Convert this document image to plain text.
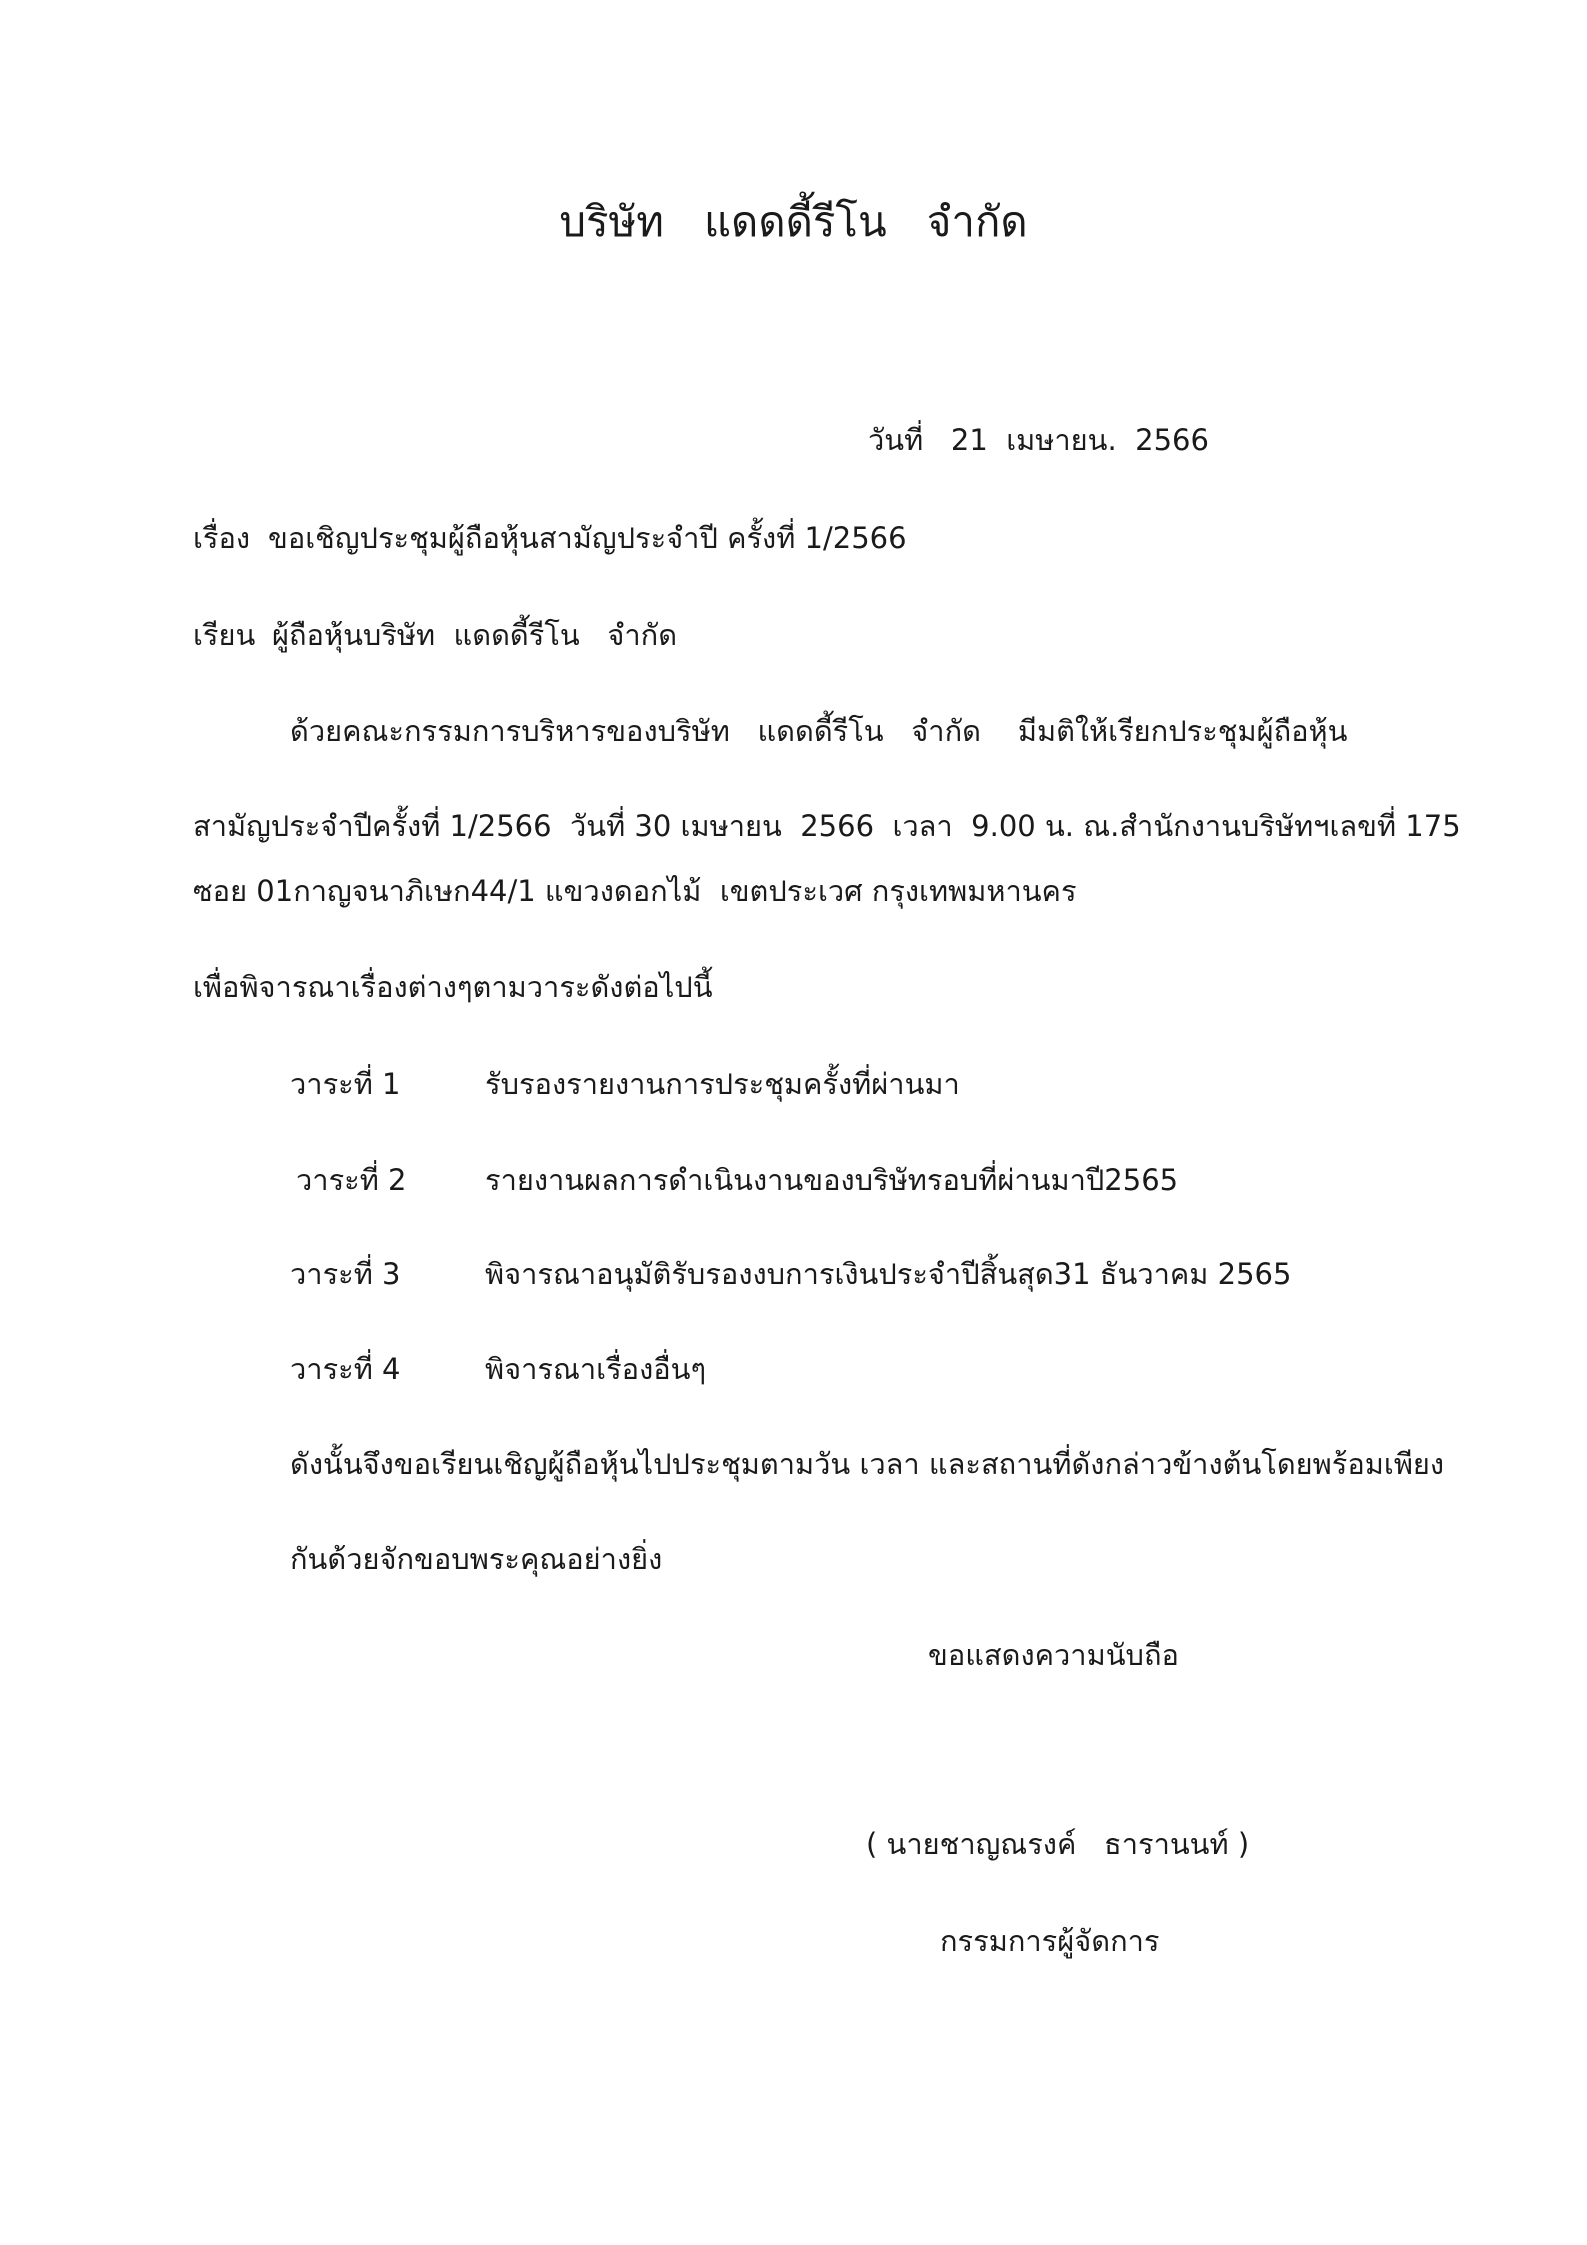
บริษัท   แดดดี้รีโน   จำกัด
วันที่   21  เมษายน.  2566
เรื่อง ขอเชิญประชุมผู้ถือหุ้นสามัญประจำปี ครั้งที่ 1/2566
เรียน ผู้ถือหุ้นบริษัท  แดดดี้รีโน   จำกัด
ด้วยคณะกรรมการบริหารของบริษัท   แดดดี้รีโน   จำกัด    มีมติให้เรียกประชุมผู้ถือหุ้น
สามัญประจำปีครั้งที่ 1/2566  วันที่ 30 เมษายน  2566  เวลา  9.00 น. ณ.สำนักงานบริษัทฯเลขที่ 175
ซอย 01กาญจนาภิเษก44/1 แขวงดอกไม้  เขตประเวศ กรุงเทพมหานคร
เพื่อพิจารณาเรื่องต่างๆตามวาระดังต่อไปนี้
วาระที่ 1	รับรองรายงานการประชุมครั้งที่ผ่านมา
วาระที่ 2	รายงานผลการดำเนินงานของบริษัทรอบที่ผ่านมาปี2565
วาระที่ 3	พิจารณาอนุมัติรับรองงบการเงินประจำปีสิ้นสุด31 ธันวาคม 2565
วาระที่ 4	พิจารณาเรื่องอื่นๆ
ดังนั้นจึงขอเรียนเชิญผู้ถือหุ้นไปประชุมตามวัน เวลา และสถานที่ดังกล่าวข้างต้นโดยพร้อมเพียง
กันด้วยจักขอบพระคุณอย่างยิ่ง
ขอแสดงความนับถือ
( นายชาญณรงค์   ธารานนท์ )
กรรมการผู้จัดการ
